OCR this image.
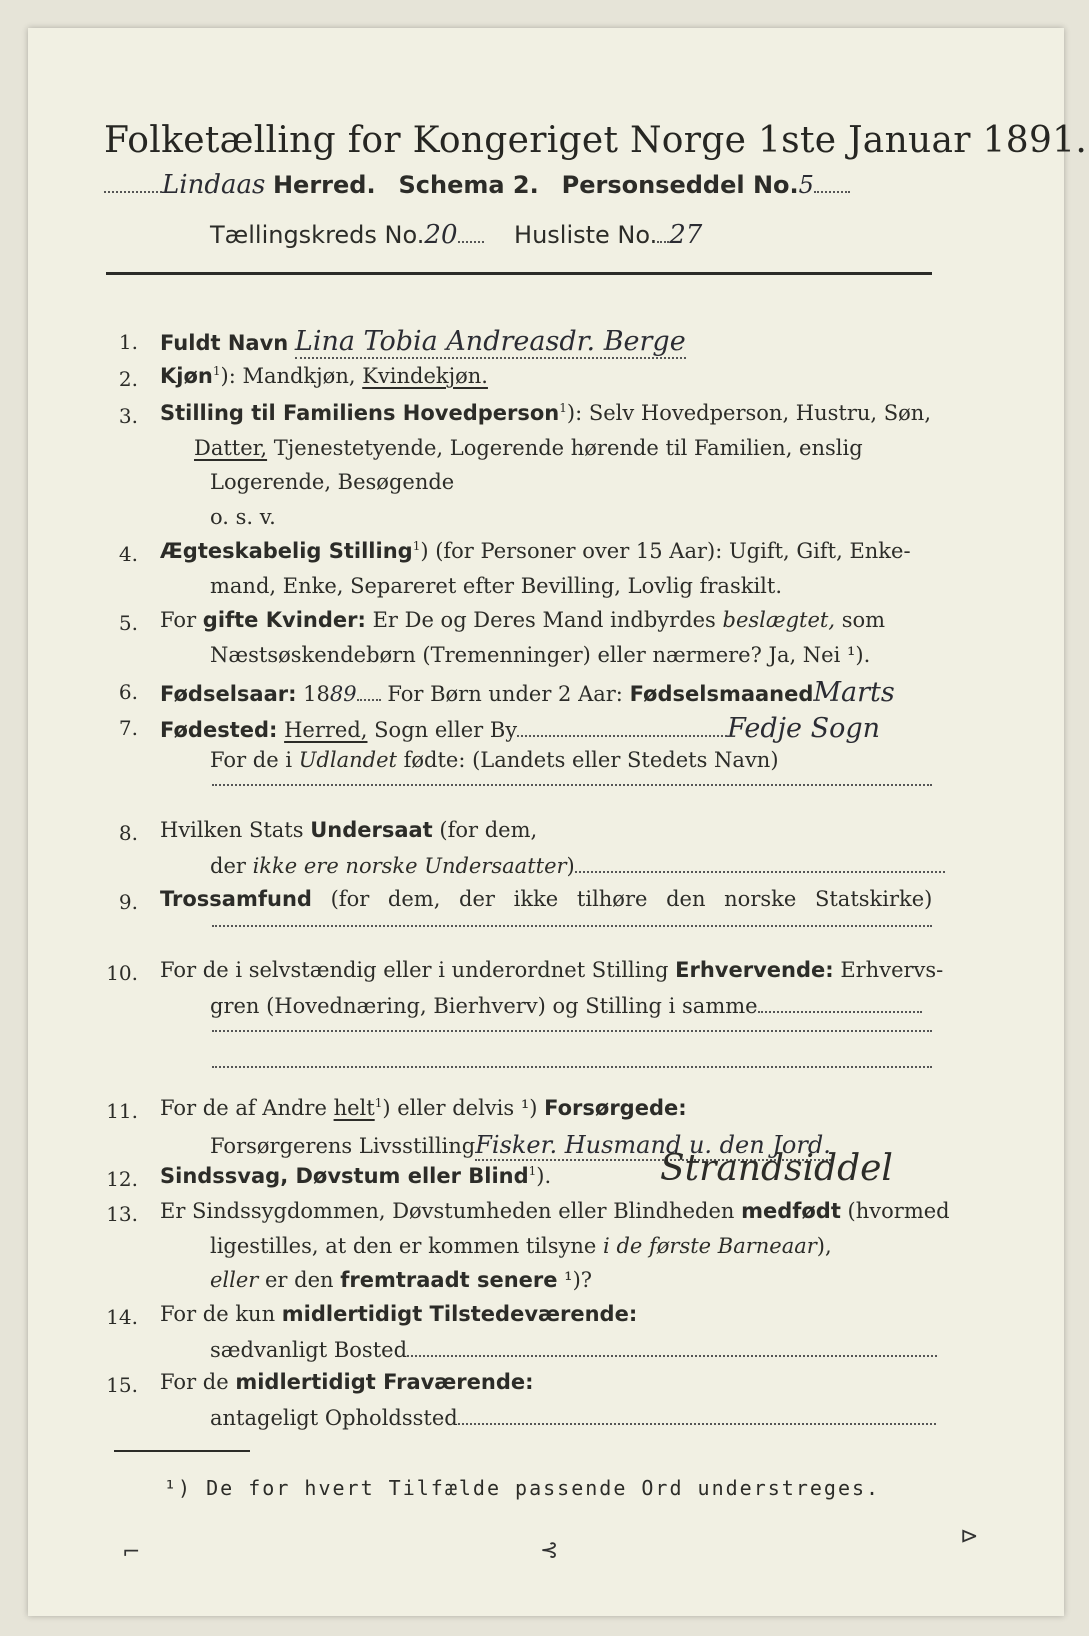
Folketælling for Kongeriget Norge 1ste Januar 1891.
Lindaas Herred. Schema 2. Personseddel No.5
Tællingskreds No.20 Husliste No. 27
1. Fuldt Navn Lina Tobia Andreasdr. Berge
2. Kjøn$^1$): Mandkjøn, Kvindekjøn.
3. Stilling til Familiens Hovedperson$^1$): Selv Hovedperson, Hustru, Søn,
Datter, Tjenestetyende, Logerende hørende til Familien, enslig
Logerende, Besøgende
o. s. v.
4. Ægteskabelig Stilling$^1$) (for Personer over 15 Aar): Ugift, Gift, Enke-
mand, Enke, Separeret efter Bevilling, Lovlig fraskilt.
5. For gifte Kvinder: Er De og Deres Mand indbyrdes beslægtet, som
Næstsøskendebørn (Tremenninger) eller nærmere? Ja, Nei ¹).
6. Fødselsaar: 1889 For Børn under 2 Aar: FødselsmaanedMarts
7. Fødested: Herred, Sogn eller By	Fedje Sogn
For de i Udlandet fødte: (Landets eller Stedets Navn)
8. Hvilken Stats Undersaat (for dem,
der ikke ere norske Undersaatter)
9. Trossamfund (for dem, der ikke tilhøre den norske Statskirke)
10. For de i selvstændig eller i underordnet Stilling Erhvervende: Erhvervs-
gren (Hovednæring, Bierhverv) og Stilling i samme
11. For de af Andre helt$^1$) eller delvis ¹) Forsørgede:
Forsørgerens LivsstillingFisker. Husmand u. den Jord.
12. Sindssvag, Døvstum eller Blind$^1$).	Strandsiddel
13. Er Sindssygdommen, Døvstumheden eller Blindheden medfødt (hvormed
ligestilles, at den er kommen tilsyne i de første Barneaar),
eller er den fremtraadt senere ¹)?
14. For de kun midlertidigt Tilstedeværende:
sædvanligt Bosted
15. For de midlertidigt Fraværende:
antageligt Opholdssted
¹) De for hvert Tilfælde passende Ord understreges.
⌐	⊰
⊳
